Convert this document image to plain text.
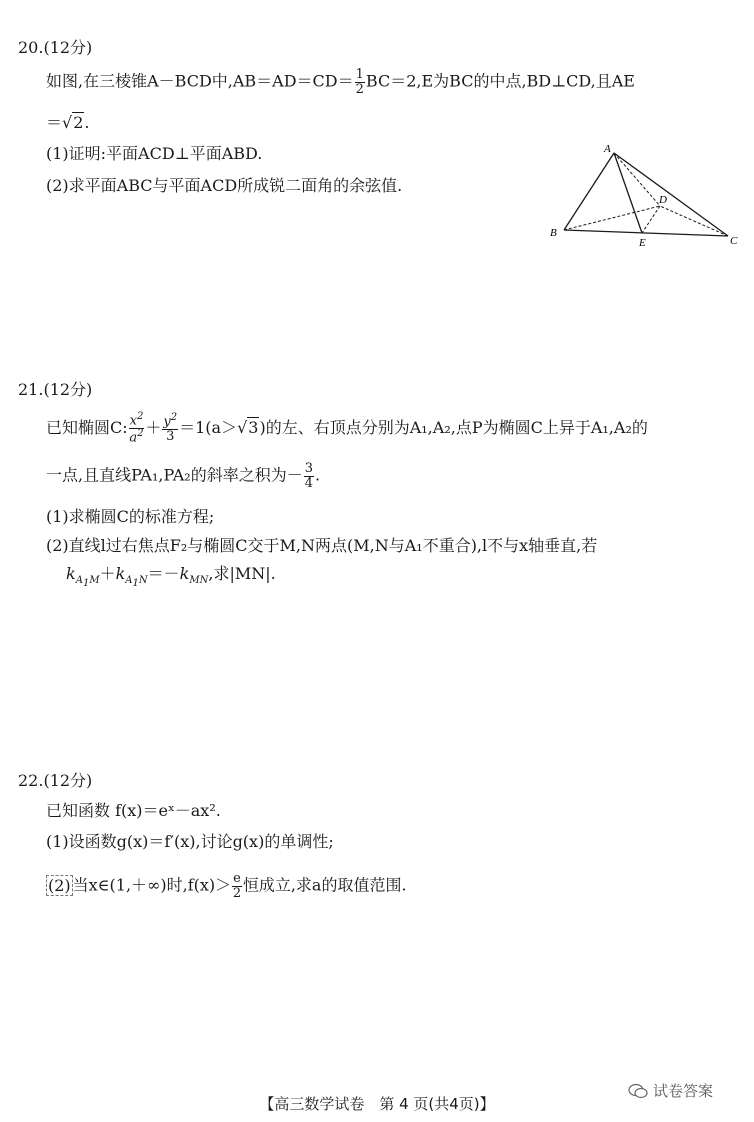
20.(12分)
如图,在三棱锥A－BCD中$,AB=AD=CD= \frac{1}{2} BC=2,E$为BC的中点,BD⊥CD,且AE
＝√2.
(1)证明:平面ACD⊥平面ABD.
(2)求平面ABC与平面ACD所成锐二面角的余弦值.
A
B
C
D
E
21.(12分)
已知椭圆C: $\frac{x^2}{a^2} + \frac{y^2}{3} =1(a>√3)$的左、右顶点分别为A₁,A₂,点P为椭圆C上异于A₁,A₂的
一点,且直线PA₁,PA₂的斜率之积为－ $\frac{3}{4}$ .
(1)求椭圆C的标准方程;
(2)直线l过右焦点F₂与椭圆C交于M,N两点(M,N与A₁不重合),l不与x轴垂直,若
$k_{A_1M}+k_{A_1N}=-k_{MN}$,求|MN|.
22.(12分)
已知函数 f(x)＝eˣ－ax².
(1)设函数g(x)＝f′(x),讨论g(x)的单调性;
(2) 当x∈(1,＋∞)时$,f(x)> \frac{e}{2}$ 恒成立,求a的取值范围.
【高三数学试卷　第 4 页(共4页)】
试卷答案
